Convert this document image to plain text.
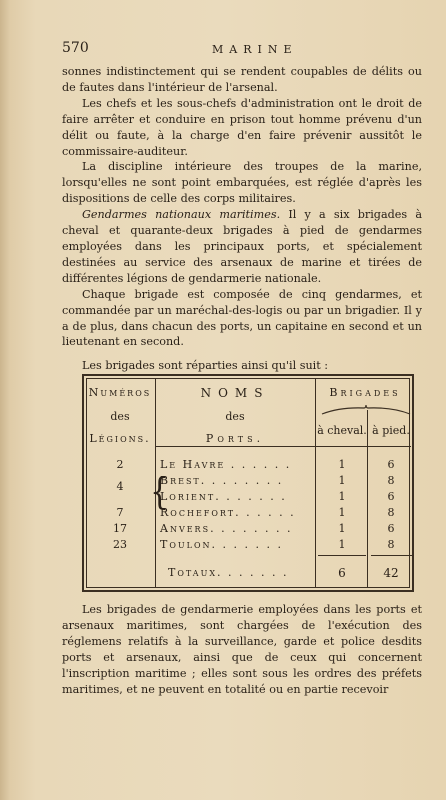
570	MARINE

sonnes indistinctement qui se rendent coupables de délits ou de fautes dans l'intérieur de l'arsenal.

Les chefs et les sous-chefs d'administration ont le droit de faire arrêter et conduire en prison tout homme prévenu d'un délit ou faute, à la charge d'en faire prévenir aussitôt le commissaire-auditeur.

La discipline intérieure des troupes de la marine, lorsqu'elles ne sont point embarquées, est réglée d'après les dispositions de celle des corps militaires.

Gendarmes nationaux maritimes. Il y a six brigades à cheval et quarante-deux brigades à pied de gendarmes employées dans les principaux ports, et spécialement destinées au service des arsenaux de marine et tirées de différentes légions de gendarmerie nationale.

Chaque brigade est composée de cinq gendarmes, et commandée par un maréchal-des-logis ou par un brigadier. Il y a de plus, dans chacun des ports, un capitaine en second et un lieutenant en second.

Les brigades sont réparties ainsi qu'il suit :

Numéros
des
Légions.
NOMS
des
Ports.
Brigades
à cheval. à pied.
2	Le Havre . . . . . .	1	6
4	Brest. . . . . . . .	1	8
{
Lorient. . . . . . .	1	6
7	Rochefort. . . . . .	1	8
17	Anvers. . . . . . . .	1	6
23	Toulon. . . . . . .	1	8
Totaux. . . . . . .	6	42

Les brigades de gendarmerie employées dans les ports et arsenaux maritimes, sont chargées de l'exécution des réglemens relatifs à la surveillance, garde et police desdits ports et arsenaux, ainsi que de ceux qui concernent l'inscription maritime ; elles sont sous les ordres des préfets maritimes, et ne peuvent en totalité ou en partie recevoir
